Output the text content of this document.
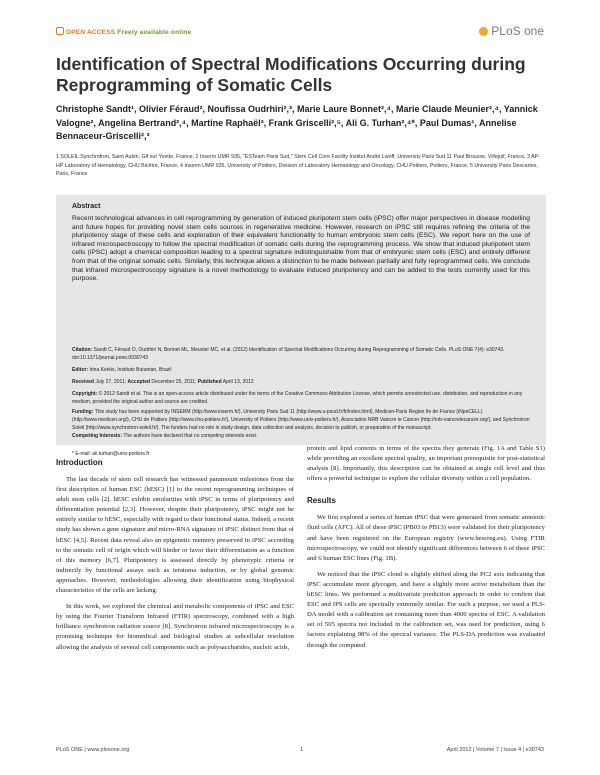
OPEN ACCESS Freely available online	PLoS one
Identification of Spectral Modifications Occurring during Reprogramming of Somatic Cells

Christophe Sandt¹, Olivier Féraud², Noufissa Oudrhiri²,³, Marie Laure Bonnet²,⁴, Marie Claude Meunier²,⁴, Yannick Valogne², Angelina Bertrand²,⁴, Martine Raphaël³, Frank Griscelli²,⁵, Ali G. Turhan²,⁴*, Paul Dumas¹, Annelise Bennaceur-Griscelli²,³

1 SOLEIL Synchrotron, Saint Aubin, Gif sur Yvette, France, 2 Inserm UMR 935, "ESTeam Paris Sud," Stem Cell Core Facility Institut André Lwoff, University Paris Sud 11 Paul Brousse, Villejuif, France, 3 AP-HP Laboratory of Hematology, CHU Bicêtre, France, 4 Inserm UMR 935, University of Poitiers, Division of Laboratory Hematology and Oncology, CHU Poitiers, Poitiers, France, 5 University Paris Descartes, Paris, France

Abstract

Recent technological advances in cell reprogramming by generation of induced pluripotent stem cells (iPSC) offer major perspectives in disease modelling and future hopes for providing novel stem cells sources in regenerative medicine. However, research on iPSC still requires refining the criteria of the pluripotency stage of these cells and exploration of their equivalent functionality to human embryonic stem cells (ESC). We report here on the use of infrared microspectroscopy to follow the spectral modification of somatic cells during the reprogramming process. We show that induced pluripotent stem cells (iPSC) adopt a chemical composition leading to a spectral signature indistinguishable from that of embryonic stem cells (ESC) and entirely different from that of the original somatic cells. Similarly, this technique allows a distinction to be made between partially and fully reprogrammed cells. We conclude that infrared microspectroscopy signature is a novel methodology to evaluate induced pluripotency and can be added to the tests currently used for this purpose.

Citation: Sandt C, Féraud O, Oudrhiri N, Bonnet ML, Meunier MC, et al. (2012) Identification of Spectral Modifications Occurring during Reprogramming of Somatic Cells. PLoS ONE 7(4): e30743. doi:10.1371/journal.pone.0030743

Editor: Irina Kerkis, Instituto Butantan, Brazil

Received July 27, 2011; Accepted December 25, 2011; Published April 13, 2012

Copyright: © 2012 Sandt et al. This is an open-access article distributed under the terms of the Creative Commons Attribution License, which permits unrestricted use, distribution, and reproduction in any medium, provided the original author and source are credited.

Funding: This study has been supported by INSERM (http://www.inserm.fr/), University Paris Sud 11 (http://www.u-psud.fr/fr/index.html), Medicen-Paris Region Ile de France (iNpeCELL) (http://www.medicen.org/), CHU de Poitiers (http://www.chu-poitiers.fr/), University of Poitiers (http://www.univ-poitiers.fr/), Association NRB Vaincre le Cancer (http://nrb-vaincrelecancer.org/), and Synchrotron Soleil (http://www.synchrotron-soleil.fr/). The funders had no role in study design, data collection and analysis, decision to publish, or preparation of the manuscript.

Competing Interests: The authors have declared that no competing interests exist.

* E-mail: ali.turhan@univ-poitiers.fr

Introduction

The last decade of stem cell research has witnessed paramount milestones from the first description of human ESC (hESC) [1] to the recent reprogramming techniques of adult stem cells [2]. hESC exhibit similarities with iPSC in terms of pluripotency and differentiation potential [2,3]. However, despite their pluripotency, iPSC might not be entirely similar to hESC, especially with regard to their functional status. Indeed, a recent study has shown a gene signature and micro-RNA signature of iPSC distinct from that of hESC [4,5]. Recent data reveal also an epigenetic memory preserved in iPSC according to the somatic cell of origin which will hinder or favor their differentiation as a function of this memory [6,7]. Pluripotency is assessed directly by phenotypic criteria or indirectly by functional assays such as teratoma induction, or by global genomic approaches. However, methodologies allowing their identification using biophysical characteristics of the cells are lacking.

In this work, we explored the chemical and metabolic components of iPSC and ESC by using the Fourier Transform Infrared (FTIR) spectroscopy, combined with a high brilliance synchrotron radiation source [8]. Synchrotron infrared microspectroscopy is a promising technique for biomedical and biological studies at subcellular resolution allowing the analysis of several cell components such as polysaccharides, nucleic acids,

protein and lipid contents in terms of the spectra they generate (Fig. 1A and Table S1) while providing an excellent spectral quality, an important prerequisite for post-statistical analysis [8]. Importantly, this description can be obtained at single cell level and thus offers a powerful technique to explore the cellular diversity within a cell population.

Results

We first explored a series of human iPSC that were generated from somatic amniotic fluid cells (AFC). All of these iPSC (PB03 to PB13) were validated for their pluripotency and have been registered on the European registry (www.hescreg.eu). Using FTIR microspectroscopy, we could not identify significant differences between 6 of these iPSC and 6 human ESC lines (Fig. 1B).

We noticed that the iPSC cloud is slightly shifted along the PC2 axis indicating that iPSC accumulate more glycogen, and have a slightly more active metabolism than the hESC lines. We performed a multivariate prediction approach in order to confirm that ESC and IPS cells are spectrally extremely similar. For such a purpose, we used a PLS-DA model with a calibration set containing more than 4000 spectra of ESC. A validation set of 505 spectra not included in the calibration set, was used for prediction, using 6 factors explaining 98% of the spectral variance. The PLS-DA prediction was evaluated through the computed

PLoS ONE | www.plosone.org	1	April 2012 | Volume 7 | Issue 4 | e30743
